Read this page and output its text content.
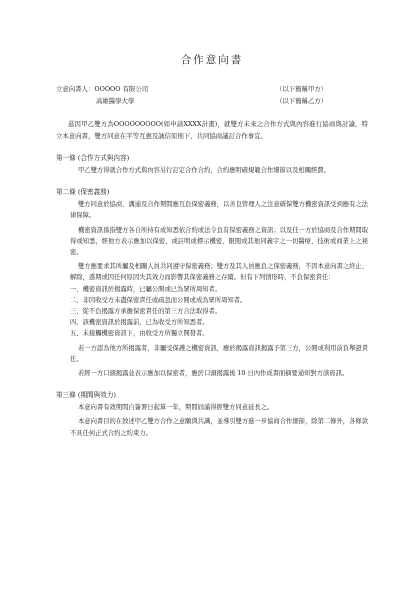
合作意向書
立意向書人：OOOOO 有限公司	（以下簡稱甲方）
高雄醫學大學	（以下簡稱乙方）
茲因甲乙雙方為OOOOOOOOO(如申請XXXX計畫)，就雙方未來之合作方式與內容進行協商與討論，特立本意向書，雙方同意在平等互惠及誠信原則下，共同協商議訂合作事宜。
第一條 (合作方式與內容)
甲乙雙方得就合作方式與內容另行訂定合作合約，合約應明確規範合作細節以及相關經費。
第二條 (保密義務)
雙方同意於協商、溝通及合作期間應互負保密義務，以善良管理人之注意確保雙方機密資訊受到應有之法律保障。
機密資訊係指雙方各自所持有或知悉依合約或法令負有保密義務之資訊；以及任一方於協商及合作期間取得或知悉，經他方表示應加以保密，或註明或標示機密、限閱或其他同義字之一切醫療、技術或商業上之秘密。
雙方應要求其所屬及相關人員共同遵守保密義務；雙方及其人員應負之保密義務，不因本意向書之終止、解除，惑期或因任何原因失其效力而影響其保密義務之存續。但有下列情形時，不負保密責任：
一、機密資訊於揭露時，已屬公開或已為眾所周知者。
二、非因收受方未盡保密責任或疏忽而公開或成為眾所周知者。
三、從不負揭露方承擔保密責任的第三方合法取得者。
四、該機密資訊於揭露前，已為收受方所知悉者。
五、未接觸機密資訊下，由收受方所獨立開發者。
若一方認為他方所揭露者，非屬受保護之機密資訊，應於揭露資訊揭露予第三方，公開或利用前負舉證責任。
若經一方口頭揭露並表示應加以保密者，應於口頭揭露後 10 日內作成書面摘要通知對方該資訊。
第三條 (期間與效力)
本意向書有效期間自簽署日起算一年，期間屆滿得經雙方同意延長之。
本意向書目的在敘述甲乙雙方合作之意願與共識，並導引雙方進一步協商合作細節，除第二條外，各條款不具任何正式合約之約束力。
